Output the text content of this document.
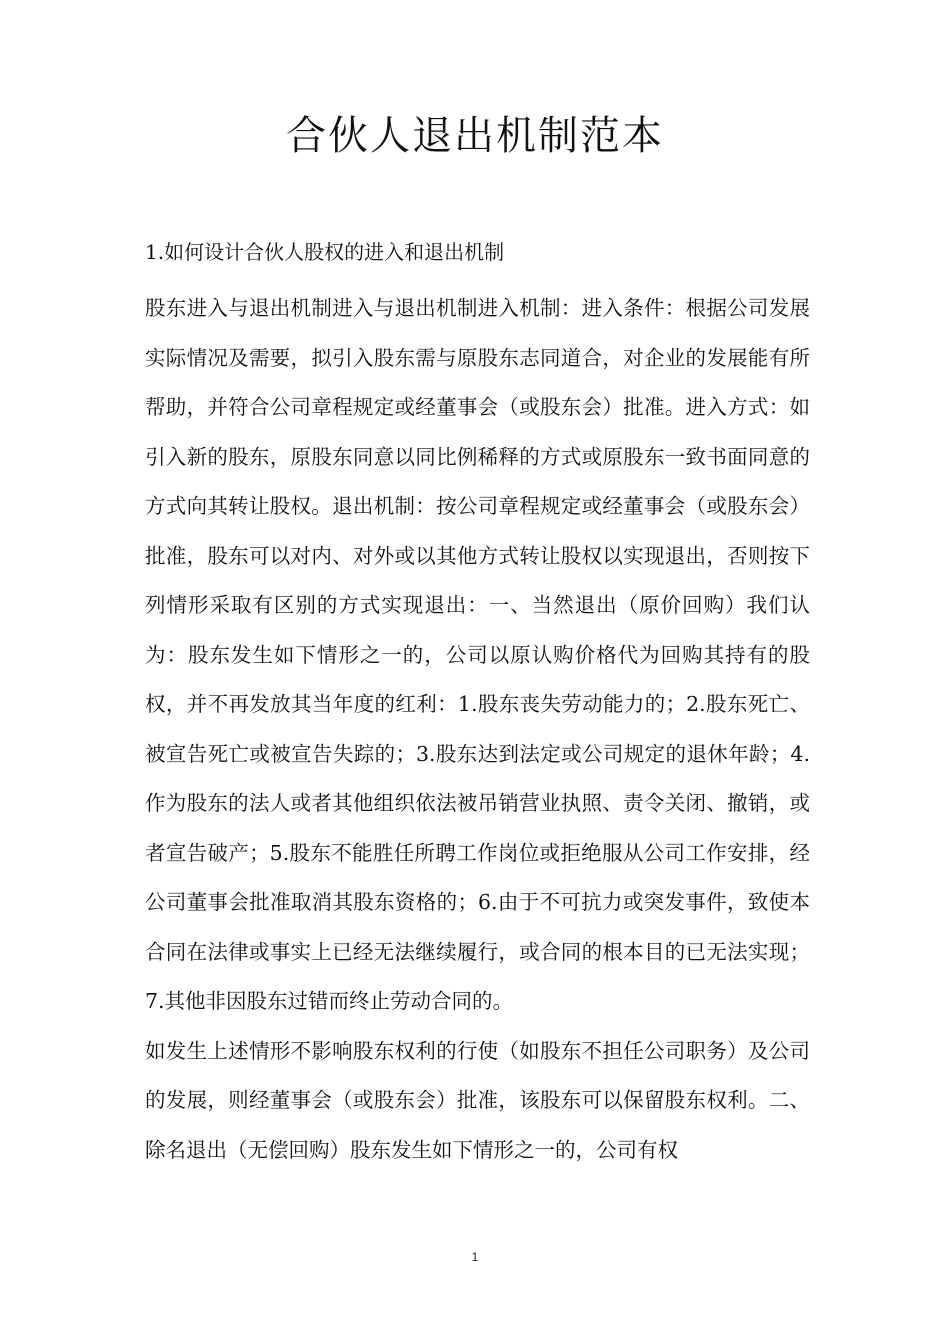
合伙人退出机制范本
1.如何设计合伙人股权的进入和退出机制

股东进入与退出机制进入与退出机制进入机制：进入条件：根据公司发展实际情况及需要，拟引入股东需与原股东志同道合，对企业的发展能有所帮助，并符合公司章程规定或经董事会（或股东会）批准。进入方式：如引入新的股东，原股东同意以同比例稀释的方式或原股东一致书面同意的方式向其转让股权。退出机制：按公司章程规定或经董事会（或股东会）批准，股东可以对内、对外或以其他方式转让股权以实现退出，否则按下列情形采取有区别的方式实现退出：一、当然退出（原价回购）我们认为：股东发生如下情形之一的，公司以原认购价格代为回购其持有的股权，并不再发放其当年度的红利：1.股东丧失劳动能力的；2.股东死亡、被宣告死亡或被宣告失踪的；3.股东达到法定或公司规定的退休年龄；4.作为股东的法人或者其他组织依法被吊销营业执照、责令关闭、撤销，或者宣告破产；5.股东不能胜任所聘工作岗位或拒绝服从公司工作安排，经公司董事会批准取消其股东资格的；6.由于不可抗力或突发事件，致使本合同在法律或事实上已经无法继续履行，或合同的根本目的已无法实现；7.其他非因股东过错而终止劳动合同的。

如发生上述情形不影响股东权利的行使（如股东不担任公司职务）及公司的发展，则经董事会（或股东会）批准，该股东可以保留股东权利。二、除名退出（无偿回购）股东发生如下情形之一的，公司有权

1
